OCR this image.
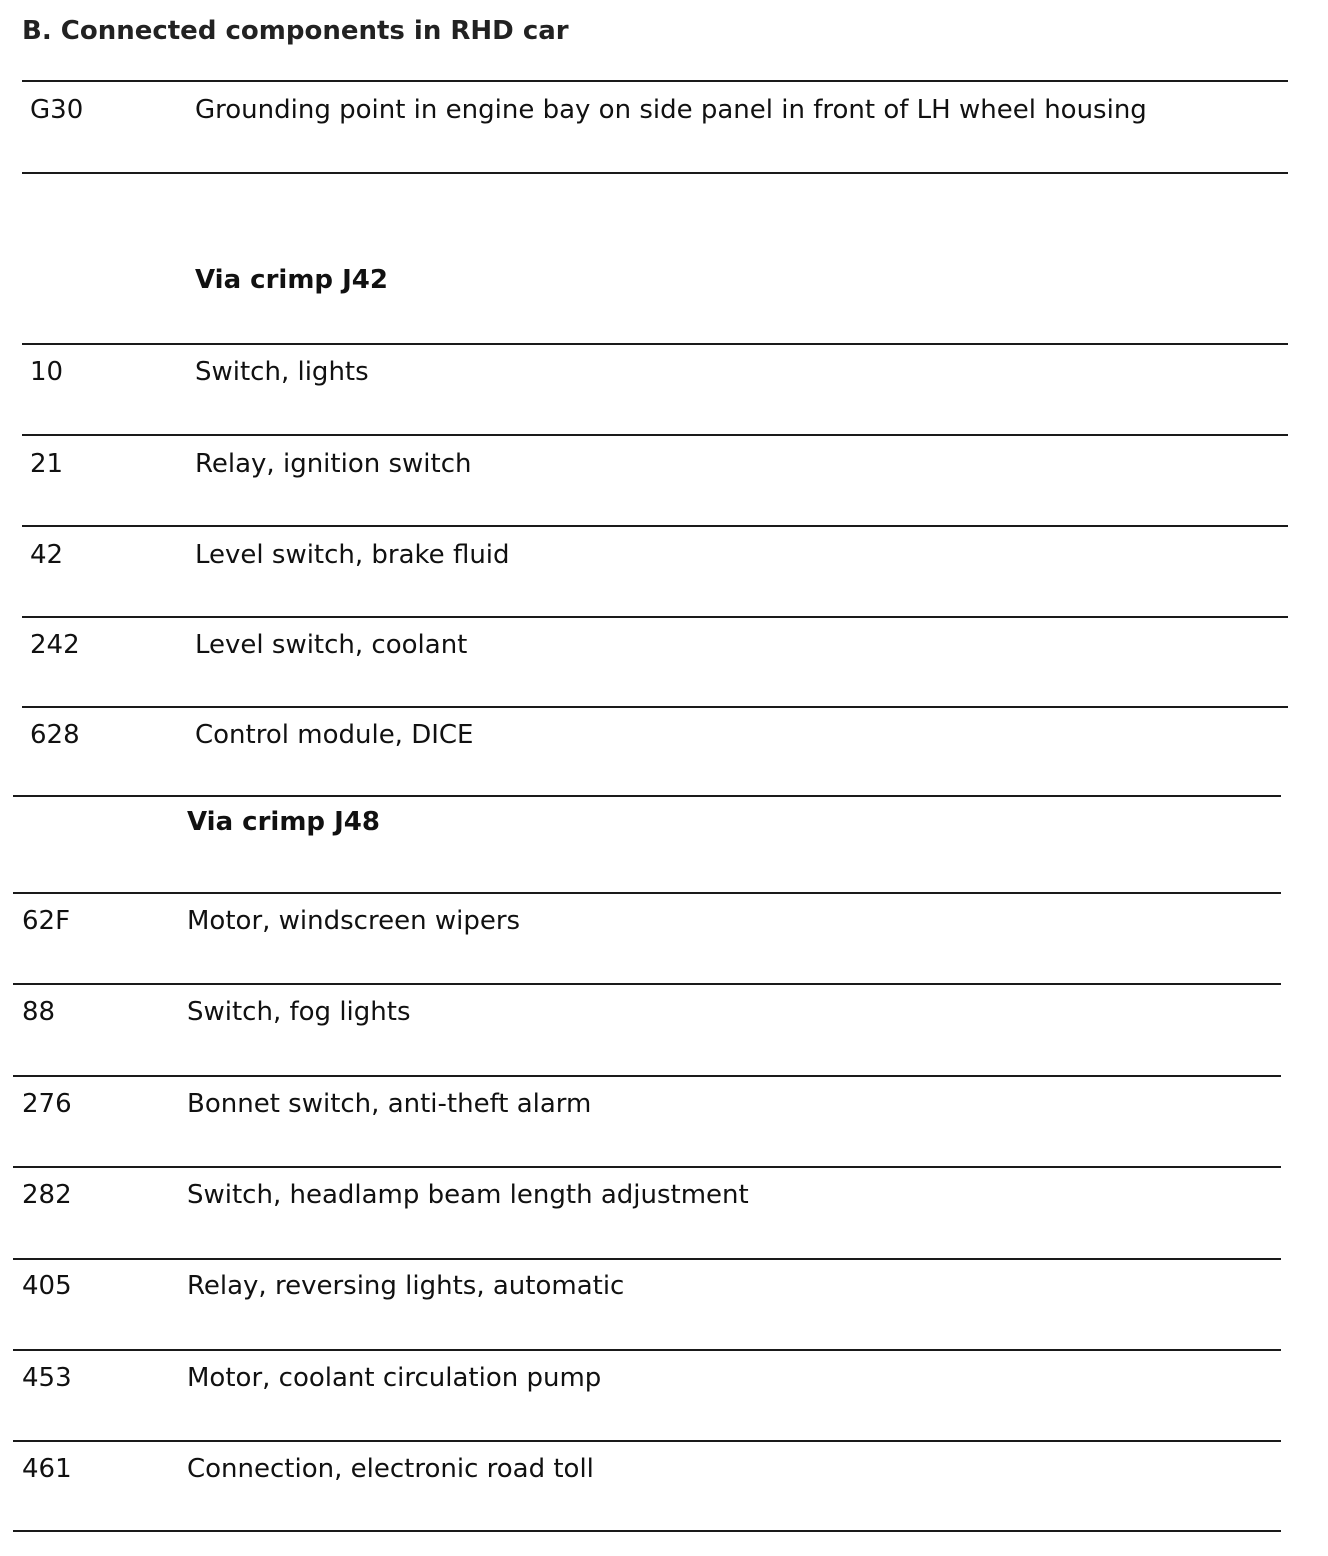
B. Connected components in RHD car
G30	Grounding point in engine bay on side panel in front of LH wheel housing
Via crimp J42
10	Switch, lights
21	Relay, ignition switch
42	Level switch, brake fluid
242	Level switch, coolant
628	Control module, DICE
Via crimp J48
62F	Motor, windscreen wipers
88	Switch, fog lights
276	Bonnet switch, anti-theft alarm
282	Switch, headlamp beam length adjustment
405	Relay, reversing lights, automatic
453	Motor, coolant circulation pump
461	Connection, electronic road toll
